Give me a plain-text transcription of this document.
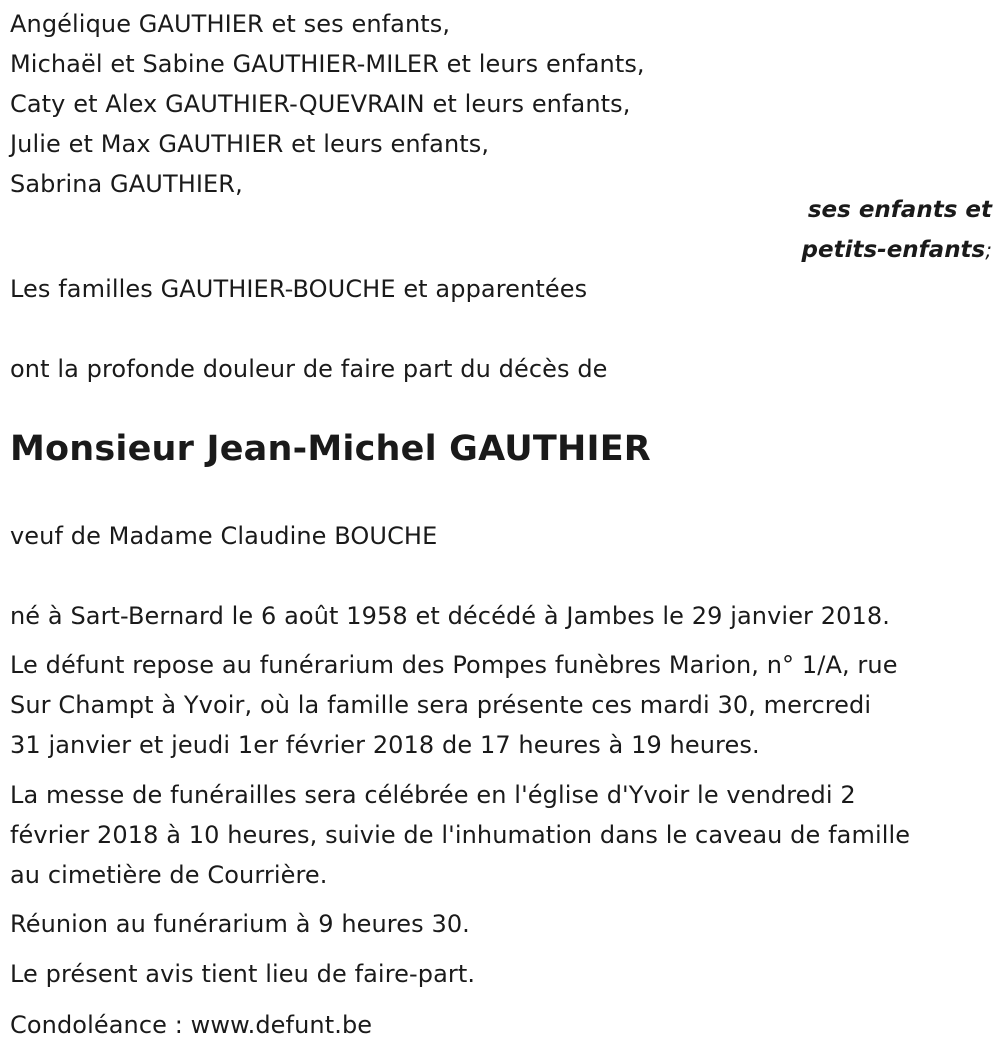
Angélique GAUTHIER et ses enfants,
Michaël et Sabine GAUTHIER-MILER et leurs enfants,
Caty et Alex GAUTHIER-QUEVRAIN et leurs enfants,
Julie et Max GAUTHIER et leurs enfants,
Sabrina GAUTHIER,
ses enfants et
petits-enfants;
Les familles GAUTHIER-BOUCHE et apparentées
ont la profonde douleur de faire part du décès de
Monsieur Jean-Michel GAUTHIER
veuf de Madame Claudine BOUCHE
né à Sart-Bernard le 6 août 1958 et décédé à Jambes le 29 janvier 2018.
Le défunt repose au funérarium des Pompes funèbres Marion, n° 1/A, rue
Sur Champt à Yvoir, où la famille sera présente ces mardi 30, mercredi
31 janvier et jeudi 1er février 2018 de 17 heures à 19 heures.
La messe de funérailles sera célébrée en l'église d'Yvoir le vendredi 2
février 2018 à 10 heures, suivie de l'inhumation dans le caveau de famille
au cimetière de Courrière.
Réunion au funérarium à 9 heures 30.
Le présent avis tient lieu de faire-part.
Condoléance : www.defunt.be
